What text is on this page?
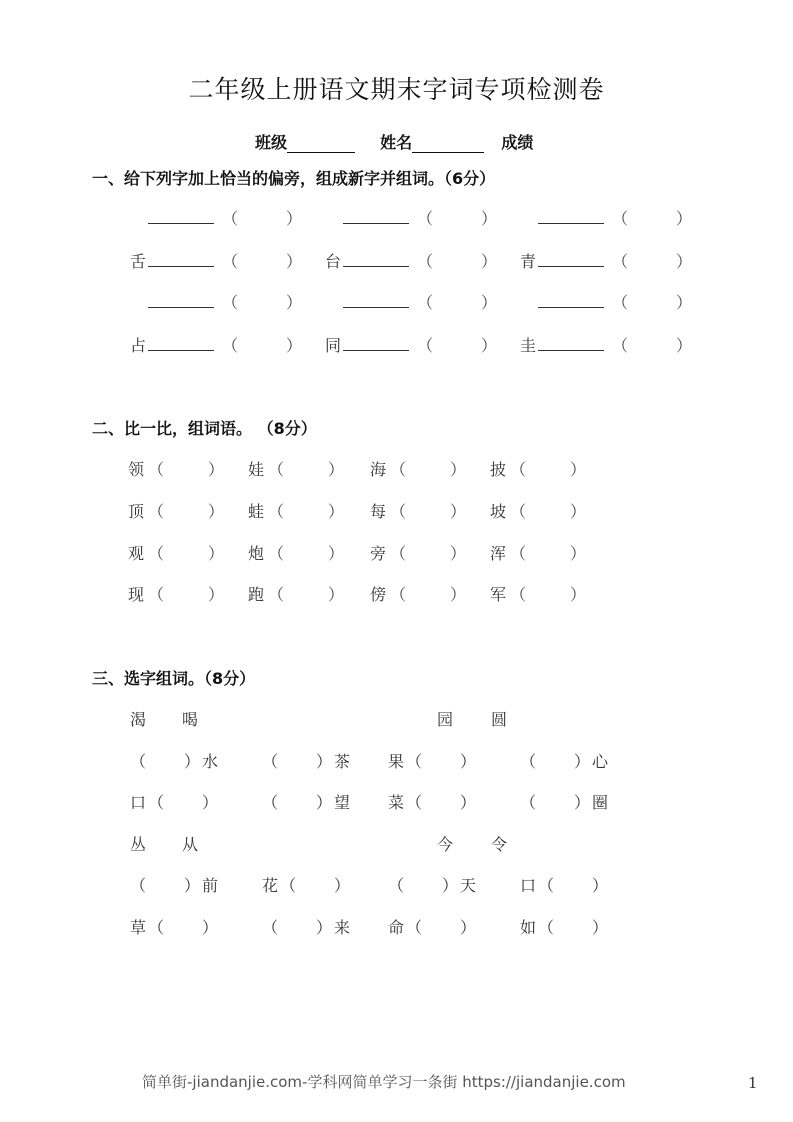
二年级上册语文期末字词专项检测卷
班级	姓名	成绩
一、给下列字加上恰当的偏旁，组成新字并组词。（6分）
（	）	（	）	（	）
舌	（	） 台	（	） 青	（	）
（	）	（	）	（	）
占	（	） 同	（	） 圭	（	）
二、比一比，组词语。 （8分）
领 （	） 娃 （	） 海 （	） 披 （	）
顶 （	） 蛙 （	） 每 （	） 坡 （	）
观 （	） 炮 （	） 旁 （	） 浑 （	）
现 （	） 跑 （	） 傍 （	） 军 （	）
三、选字组词。（8分）
渴 喝	园 圆
（　　）水	（　　）茶 果（　　）	（　　）心
口（　　）	（　　）望 菜（　　）	（　　）圈
丛 从	今 令
（　　）前	花（　　） （　　）天	口（　　）
草（　　）	（　　）来 命（　　）	如（　　）
简单街-jiandanjie.com-学科网简单学习一条街 https://jiandanjie.com	1
